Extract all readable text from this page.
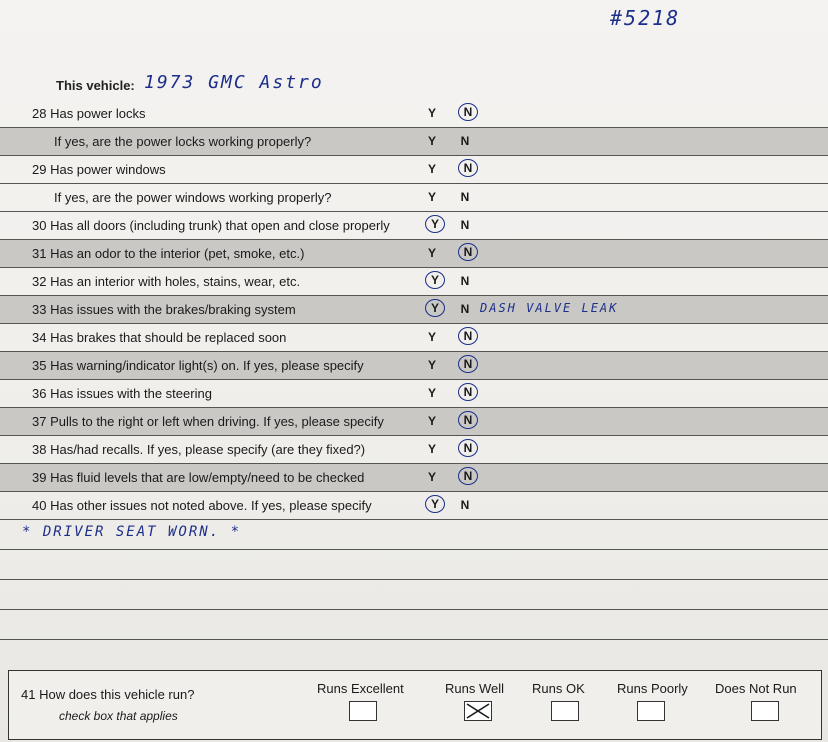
#5218
This vehicle: 1973 GMC Astro
28 Has power locks	Y	N
If yes, are the power locks working properly?	Y N
29 Has power windows	Y	N
If yes, are the power windows working properly?	Y N
30 Has all doors (including trunk) that open and close properly	Y	N
31 Has an odor to the interior (pet, smoke, etc.)	Y	N
32 Has an interior with holes, stains, wear, etc.	Y	N
33 Has issues with the brakes/braking system	Y	N DASH VALVE LEAK
34 Has brakes that should be replaced soon	Y	N
35 Has warning/indicator light(s) on. If yes, please specify	Y	N
36 Has issues with the steering	Y	N
37 Pulls to the right or left when driving. If yes, please specify	Y	N
38 Has/had recalls. If yes, please specify (are they fixed?)	Y	N
39 Has fluid levels that are low/empty/need to be checked	Y	N
40 Has other issues not noted above. If yes, please specify	Y	N
* DRIVER SEAT WORN. *
41 How does this vehicle run?
check box that applies
Runs Excellent	Runs Well Runs OK Runs Poorly Does Not Run
